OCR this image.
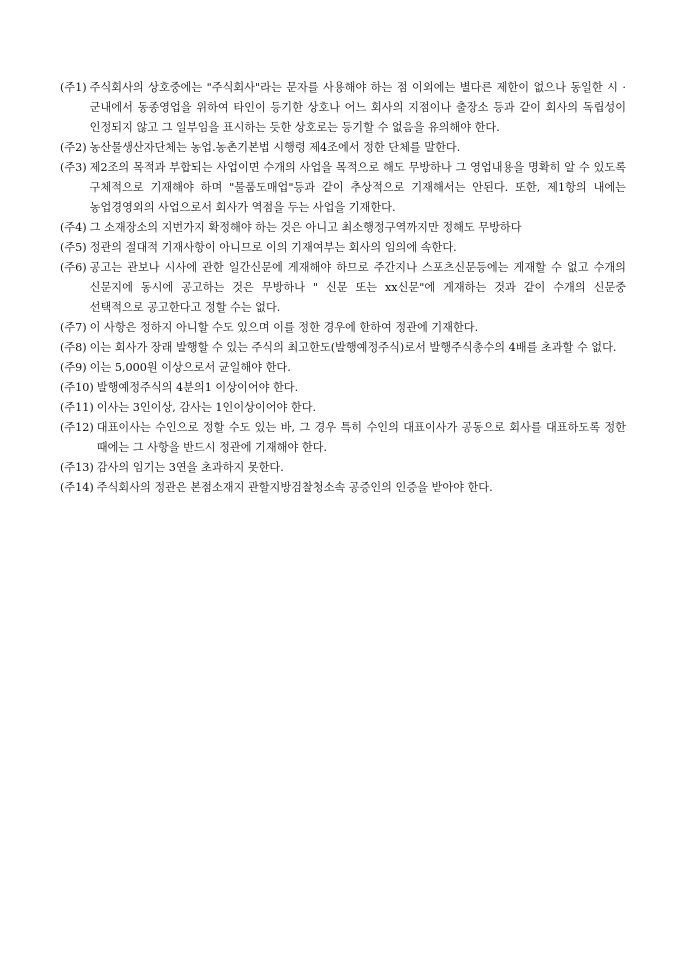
(주1) 주식회사의 상호중에는 "주식회사"라는 문자를 사용해야 하는 점 이외에는 별다른 제한이 없으나 동일한 시 · 군내에서 동종영업을 위하여 타인이 등기한 상호나 어느 회사의 지점이나 출장소 등과 같이 회사의 독립성이 인정되지 않고 그 일부임을 표시하는 듯한 상호로는 등기할 수 없음을 유의해야 한다.
(주2) 농산물생산자단체는 농업.농촌기본법 시행령 제4조에서 정한 단체를 말한다.
(주3) 제2조의 목적과 부합되는 사업이면 수개의 사업을 목적으로 해도 무방하나 그 영업내용을 명확히 알 수 있도록 구체적으로 기재해야 하며 "물품도매업"등과 같이 추상적으로 기재해서는 안된다. 또한, 제1항의 내에는 농업경영외의 사업으로서 회사가 역점을 두는 사업을 기재한다.
(주4) 그 소재장소의 지번가지 확정해야 하는 것은 아니고 최소행정구역까지만 정해도 무방하다
(주5) 정관의 절대적 기재사항이 아니므로 이의 기재여부는 회사의 임의에 속한다.
(주6) 공고는 관보나 시사에 관한 일간신문에 게재해야 하므로 주간지나 스포츠신문등에는 게재할 수 없고 수개의 신문지에 동시에 공고하는 것은 무방하나 " 신문 또는 xx신문"에 게재하는 것과 같이 수개의 신문중 선택적으로 공고한다고 정할 수는 없다.
(주7) 이 사항은 정하지 아니할 수도 있으며 이를 정한 경우에 한하여 정관에 기재한다.
(주8) 이는 회사가 장래 발행할 수 있는 주식의 최고한도(발행예정주식)로서 발행주식총수의 4배를 초과할 수 없다.
(주9) 이는 5,000원 이상으로서 균일해야 한다.
(주10) 발행예정주식의 4분의1 이상이어야 한다.
(주11) 이사는 3인이상, 감사는 1인이상이어야 한다.
(주12) 대표이사는 수인으로 정할 수도 있는 바, 그 경우 특히 수인의 대표이사가 공동으로 회사를 대표하도록 정한 때에는 그 사항을 반드시 정관에 기재해야 한다.
(주13) 감사의 임기는 3연을 초과하지 못한다.
(주14) 주식회사의 정관은 본점소재지 관할지방검찰청소속 공증인의 인증을 받아야 한다.
